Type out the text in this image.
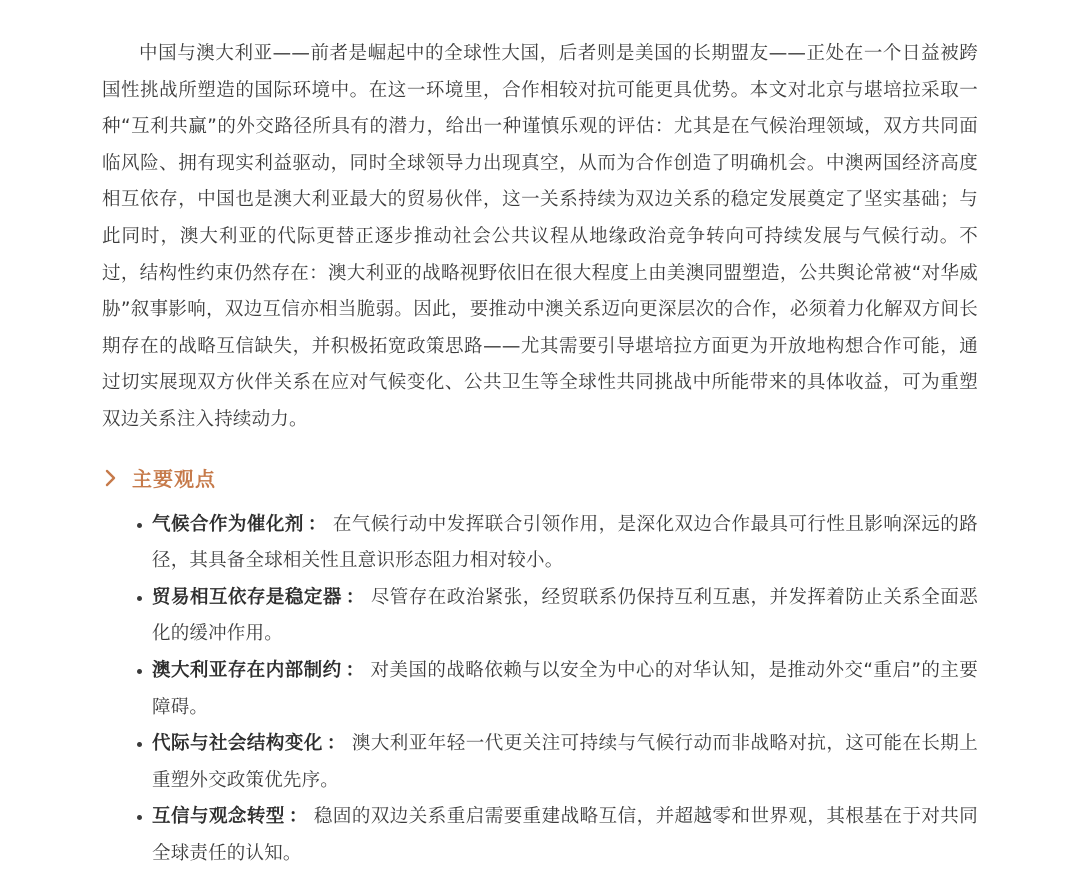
中国与澳大利亚——前者是崛起中的全球性大国，后者则是美国的长期盟友——正处在一个日益被跨国性挑战所塑造的国际环境中。在这一环境里，合作相较对抗可能更具优势。本文对北京与堪培拉采取一种“互利共赢”的外交路径所具有的潜力，给出一种谨慎乐观的评估：尤其是在气候治理领域，双方共同面临风险、拥有现实利益驱动，同时全球领导力出现真空，从而为合作创造了明确机会。中澳两国经济高度相互依存，中国也是澳大利亚最大的贸易伙伴，这一关系持续为双边关系的稳定发展奠定了坚实基础；与此同时，澳大利亚的代际更替正逐步推动社会公共议程从地缘政治竞争转向可持续发展与气候行动。不过，结构性约束仍然存在：澳大利亚的战略视野依旧在很大程度上由美澳同盟塑造，公共舆论常被“对华威胁”叙事影响，双边互信亦相当脆弱。因此，要推动中澳关系迈向更深层次的合作，必须着力化解双方间长期存在的战略互信缺失，并积极拓宽政策思路——尤其需要引导堪培拉方面更为开放地构想合作可能，通过切实展现双方伙伴关系在应对气候变化、公共卫生等全球性共同挑战中所能带来的具体收益，可为重塑双边关系注入持续动力。

主要观点
气候合作为催化剂 ： 在气候行动中发挥联合引领作用，是深化双边合作最具可行性且影响深远的路径，其具备全球相关性且意识形态阻力相对较小。
贸易相互依存是稳定器 ： 尽管存在政治紧张，经贸联系仍保持互利互惠，并发挥着防止关系全面恶化的缓冲作用。
澳大利亚存在内部制约 ： 对美国的战略依赖与以安全为中心的对华认知，是推动外交“重启”的主要障碍。
代际与社会结构变化 ： 澳大利亚年轻一代更关注可持续与气候行动而非战略对抗，这可能在长期上重塑外交政策优先序。
互信与观念转型 ： 稳固的双边关系重启需要重建战略互信，并超越零和世界观，其根基在于对共同全球责任的认知。
